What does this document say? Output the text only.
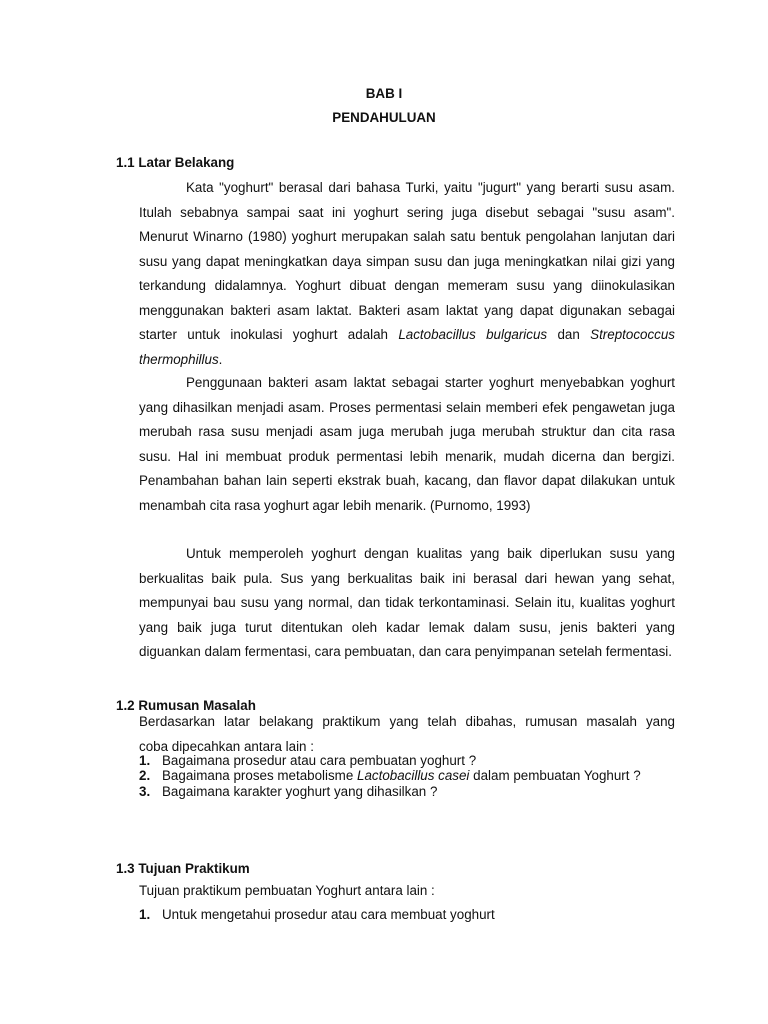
BAB I

PENDAHULUAN

1.1 Latar Belakang

Kata "yoghurt" berasal dari bahasa Turki, yaitu "jugurt" yang berarti susu asam. Itulah sebabnya sampai saat ini yoghurt sering juga disebut sebagai "susu asam". Menurut Winarno (1980) yoghurt merupakan salah satu bentuk pengolahan lanjutan dari susu yang dapat meningkatkan daya simpan susu dan juga meningkatkan nilai gizi yang terkandung didalamnya. Yoghurt dibuat dengan memeram susu yang diinokulasikan menggunakan bakteri asam laktat. Bakteri asam laktat yang dapat digunakan sebagai starter untuk inokulasi yoghurt adalah Lactobacillus bulgaricus dan Streptococcus thermophillus.

Penggunaan bakteri asam laktat sebagai starter yoghurt menyebabkan yoghurt yang dihasilkan menjadi asam. Proses permentasi selain memberi efek pengawetan juga merubah rasa susu menjadi asam juga merubah juga merubah struktur dan cita rasa susu. Hal ini membuat produk permentasi lebih menarik, mudah dicerna dan bergizi. Penambahan bahan lain seperti ekstrak buah, kacang, dan flavor dapat dilakukan untuk menambah cita rasa yoghurt agar lebih menarik. (Purnomo, 1993)

Untuk memperoleh yoghurt dengan kualitas yang baik diperlukan susu yang berkualitas baik pula. Sus yang berkualitas baik ini berasal dari hewan yang sehat, mempunyai bau susu yang normal, dan tidak terkontaminasi. Selain itu, kualitas yoghurt yang baik juga turut ditentukan oleh kadar lemak dalam susu, jenis bakteri yang diguankan dalam fermentasi, cara pembuatan, dan cara penyimpanan setelah fermentasi.

1.2 Rumusan Masalah

Berdasarkan latar belakang praktikum yang telah dibahas, rumusan masalah yang

coba dipecahkan antara lain :

1. Bagaimana prosedur atau cara pembuatan yoghurt ?

2. Bagaimana proses metabolisme Lactobacillus casei dalam pembuatan Yoghurt ?

3. Bagaimana karakter yoghurt yang dihasilkan ?

1.3 Tujuan Praktikum

Tujuan praktikum pembuatan Yoghurt antara lain :

1. Untuk mengetahui prosedur atau cara membuat yoghurt
